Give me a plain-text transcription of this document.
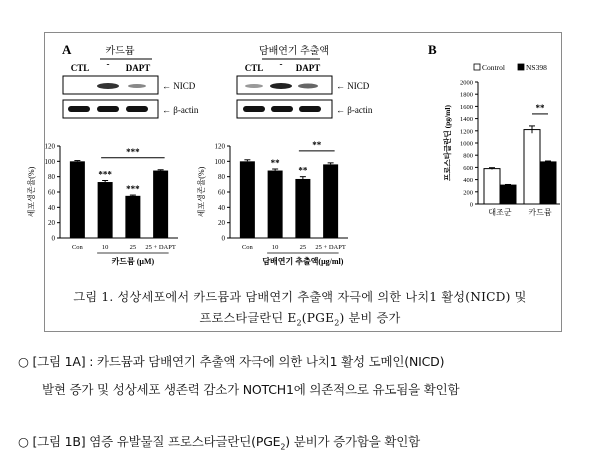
A	B
카드뮴
CTL - DAPT
← NICD
← β-actin
담배연기 추출액
CTL - DAPT
← NICD
← β-actin
0
20
40
60
80
100
120
Con
***
10
***
25 25 + DAPT
***
세포생존율(%)
카드뮴 (μM)
0
20
40
60
80
100
120
Con
**
10
**
25 25 + DAPT
**
세포생존율(%)
담배연기 추출액(μg/ml)
0
200
400
600
800
1000
1200
1400
1600
1800
2000
대조군 카드뮴
**
Control	NS398
프로스타글란딘 (pg/ml)
그림 1. 성상세포에서 카드뮴과 담배연기 추출액 자극에 의한 나치1 활성(NICD) 및
프로스타글란딘 $E_2(PGE_2)$ 분비 증가
○ [그림 1A] : 카드뮴과 담배연기 추출액 자극에 의한 나치1 활성 도메인(NICD)
발현 증가 및 성상세포 생존력 감소가 NOTCH1에 의존적으로 유도됨을 확인함
○ [그림 1B] 염증 유발물질 프로스타글란딘$(PGE_2)$ 분비가 증가함을 확인함
